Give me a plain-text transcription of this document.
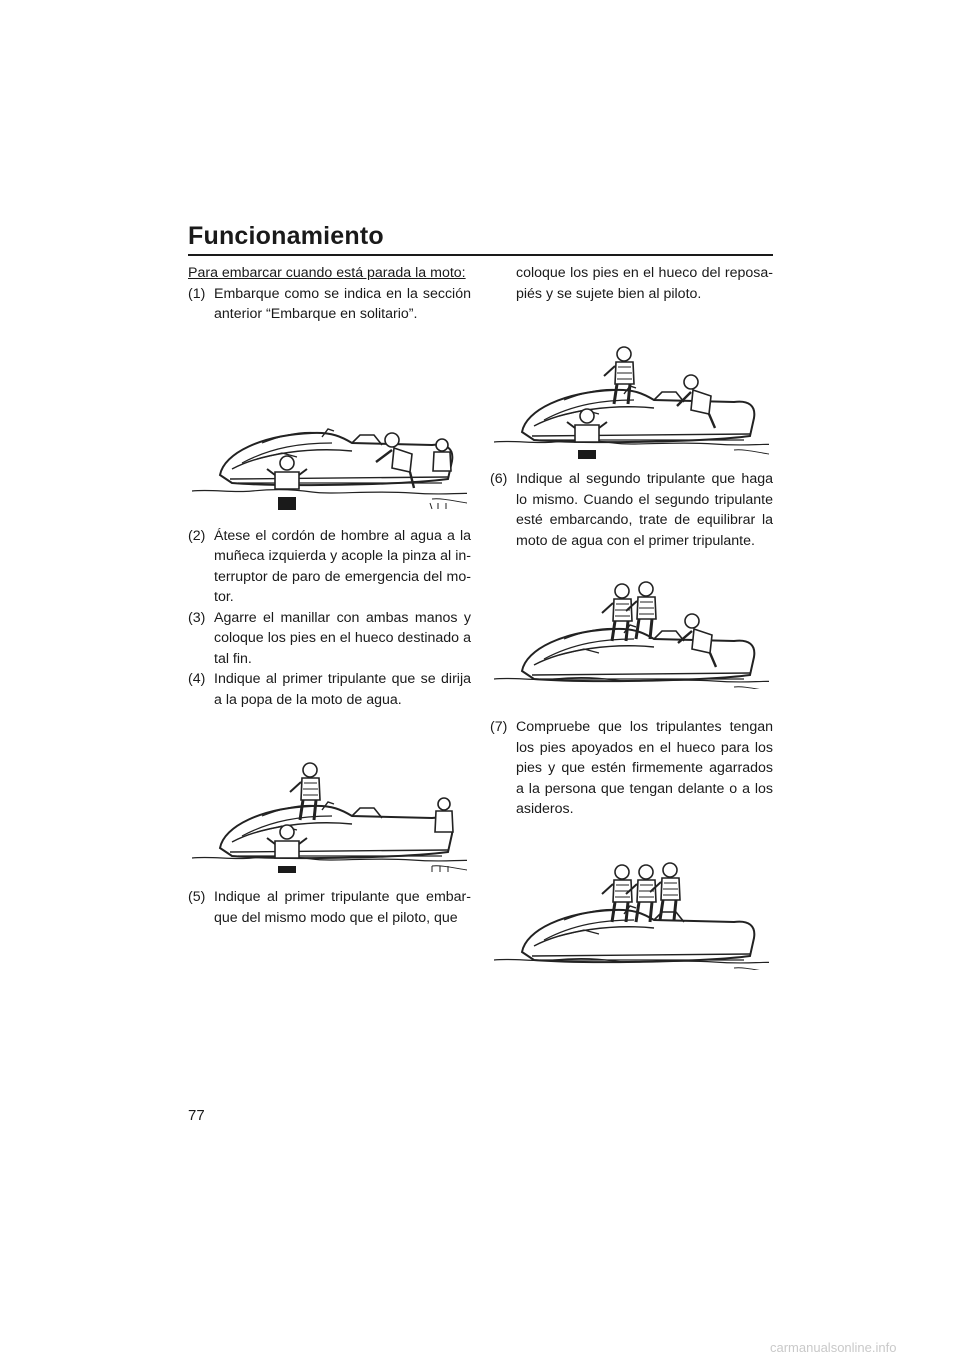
Funcionamiento
Para embarcar cuando está parada la moto:
(1) Embarque como se indica en la sección anterior “Embarque en solitario”.
(2) Átese el cordón de hombre al agua a la muñeca izquierda y acople la pinza al in-terruptor de paro de emergencia del mo-tor.
(3) Agarre el manillar con ambas manos y coloque los pies en el hueco destinado a tal fin.
(4) Indique al primer tripulante que se dirija a la popa de la moto de agua.
(5) Indique al primer tripulante que embar-que del mismo modo que el piloto, que
coloque los pies en el hueco del reposa-piés y se sujete bien al piloto.
(6) Indique al segundo tripulante que haga lo mismo. Cuando el segundo tripulante esté embarcando, trate de equilibrar la moto de agua con el primer tripulante.
(7) Compruebe que los tripulantes tengan los pies apoyados en el hueco para los pies y que estén firmemente agarrados a la persona que tengan delante o a los asideros.
77
carmanualsonline.info
